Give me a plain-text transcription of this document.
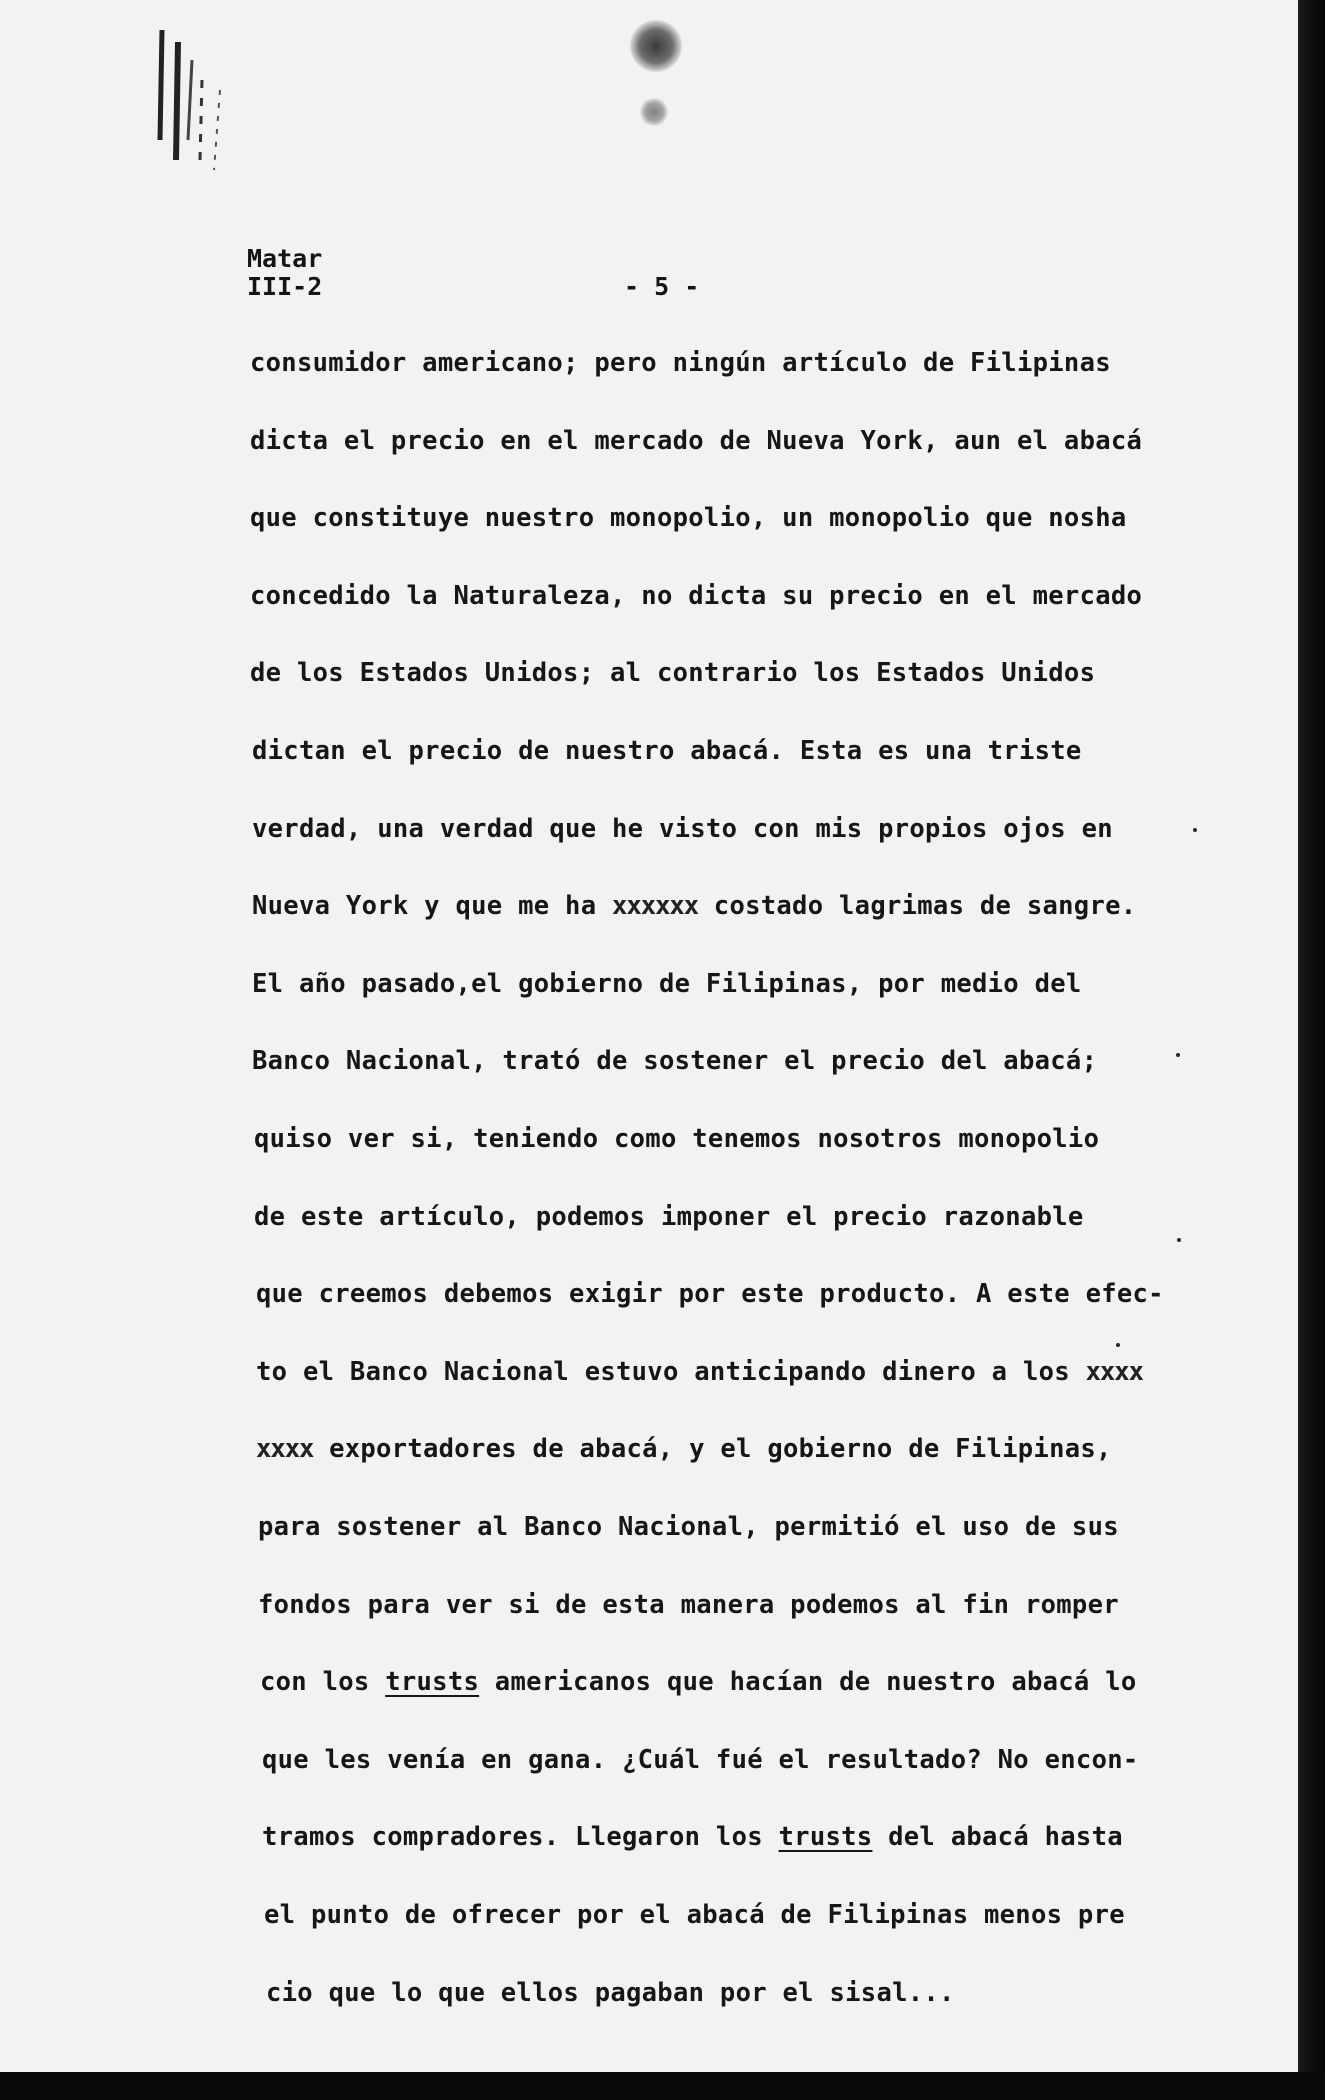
Matar
III-2	- 5 -
consumidor americano; pero ningún artículo de Filipinas
dicta el precio en el mercado de Nueva York, aun el abacá
que constituye nuestro monopolio, un monopolio que nosha
concedido la Naturaleza, no dicta su precio en el mercado
de los Estados Unidos; al contrario los Estados Unidos
dictan el precio de nuestro abacá. Esta es una triste
verdad, una verdad que he visto con mis propios ojos en
Nueva York y que me ha xxxxxx costado lagrimas de sangre.
El año pasado,el gobierno de Filipinas, por medio del
Banco Nacional, trató de sostener el precio del abacá;
quiso ver si, teniendo como tenemos nosotros monopolio
de este artículo, podemos imponer el precio razonable
que creemos debemos exigir por este producto. A este efec-
to el Banco Nacional estuvo anticipando dinero a los xxxx
xxxx exportadores de abacá, y el gobierno de Filipinas,
para sostener al Banco Nacional, permitió el uso de sus
fondos para ver si de esta manera podemos al fin romper
con los trusts americanos que hacían de nuestro abacá lo
que les venía en gana. ¿Cuál fué el resultado? No encon-
tramos compradores. Llegaron los trusts del abacá hasta
el punto de ofrecer por el abacá de Filipinas menos pre
cio que lo que ellos pagaban por el sisal...
